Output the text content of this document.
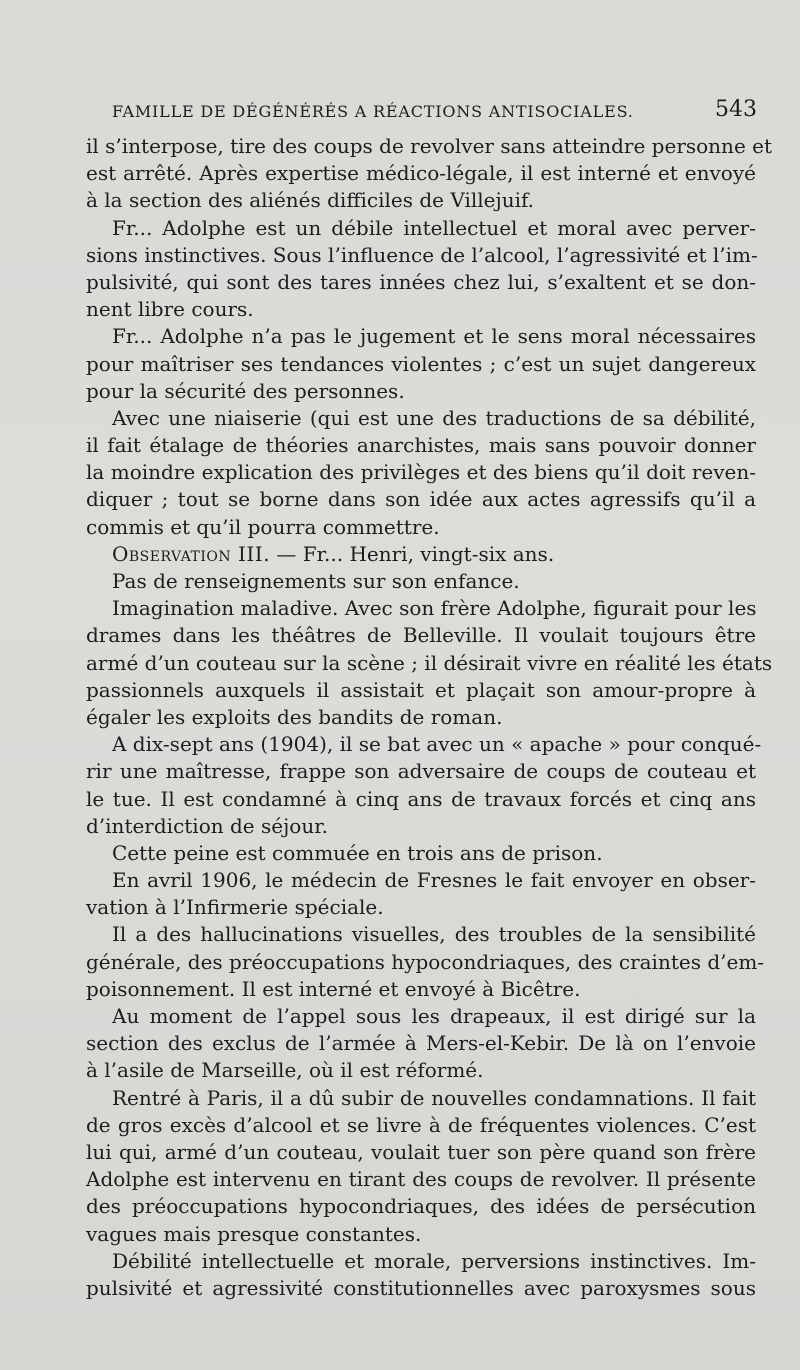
FAMILLE DE DÉGÉNÉRÉS A RÉACTIONS ANTISOCIALES.	543
il s’interpose, tire des coups de revolver sans atteindre personne et
est arrêté. Après expertise médico-légale, il est interné et envoyé
à la section des aliénés difficiles de Villejuif.
Fr... Adolphe est un débile intellectuel et moral avec perver-
sions instinctives. Sous l’influence de l’alcool, l’agressivité et l’im-
pulsivité, qui sont des tares innées chez lui, s’exaltent et se don-
nent libre cours.
Fr... Adolphe n’a pas le jugement et le sens moral nécessaires
pour maîtriser ses tendances violentes ; c’est un sujet dangereux
pour la sécurité des personnes.
Avec une niaiserie (qui est une des traductions de sa débilité,
il fait étalage de théories anarchistes, mais sans pouvoir donner
la moindre explication des privilèges et des biens qu’il doit reven-
diquer ; tout se borne dans son idée aux actes agressifs qu’il a
commis et qu’il pourra commettre.
Observation III. — Fr... Henri, vingt-six ans.
Pas de renseignements sur son enfance.
Imagination maladive. Avec son frère Adolphe, figurait pour les
drames dans les théâtres de Belleville. Il voulait toujours être
armé d’un couteau sur la scène ; il désirait vivre en réalité les états
passionnels auxquels il assistait et plaçait son amour-propre à
égaler les exploits des bandits de roman.
A dix-sept ans (1904), il se bat avec un « apache » pour conqué-
rir une maîtresse, frappe son adversaire de coups de couteau et
le tue. Il est condamné à cinq ans de travaux forcés et cinq ans
d’interdiction de séjour.
Cette peine est commuée en trois ans de prison.
En avril 1906, le médecin de Fresnes le fait envoyer en obser-
vation à l’Infirmerie spéciale.
Il a des hallucinations visuelles, des troubles de la sensibilité
générale, des préoccupations hypocondriaques, des craintes d’em-
poisonnement. Il est interné et envoyé à Bicêtre.
Au moment de l’appel sous les drapeaux, il est dirigé sur la
section des exclus de l’armée à Mers-el-Kebir. De là on l’envoie
à l’asile de Marseille, où il est réformé.
Rentré à Paris, il a dû subir de nouvelles condamnations. Il fait
de gros excès d’alcool et se livre à de fréquentes violences. C’est
lui qui, armé d’un couteau, voulait tuer son père quand son frère
Adolphe est intervenu en tirant des coups de revolver. Il présente
des préoccupations hypocondriaques, des idées de persécution
vagues mais presque constantes.
Débilité intellectuelle et morale, perversions instinctives. Im-
pulsivité et agressivité constitutionnelles avec paroxysmes sous
